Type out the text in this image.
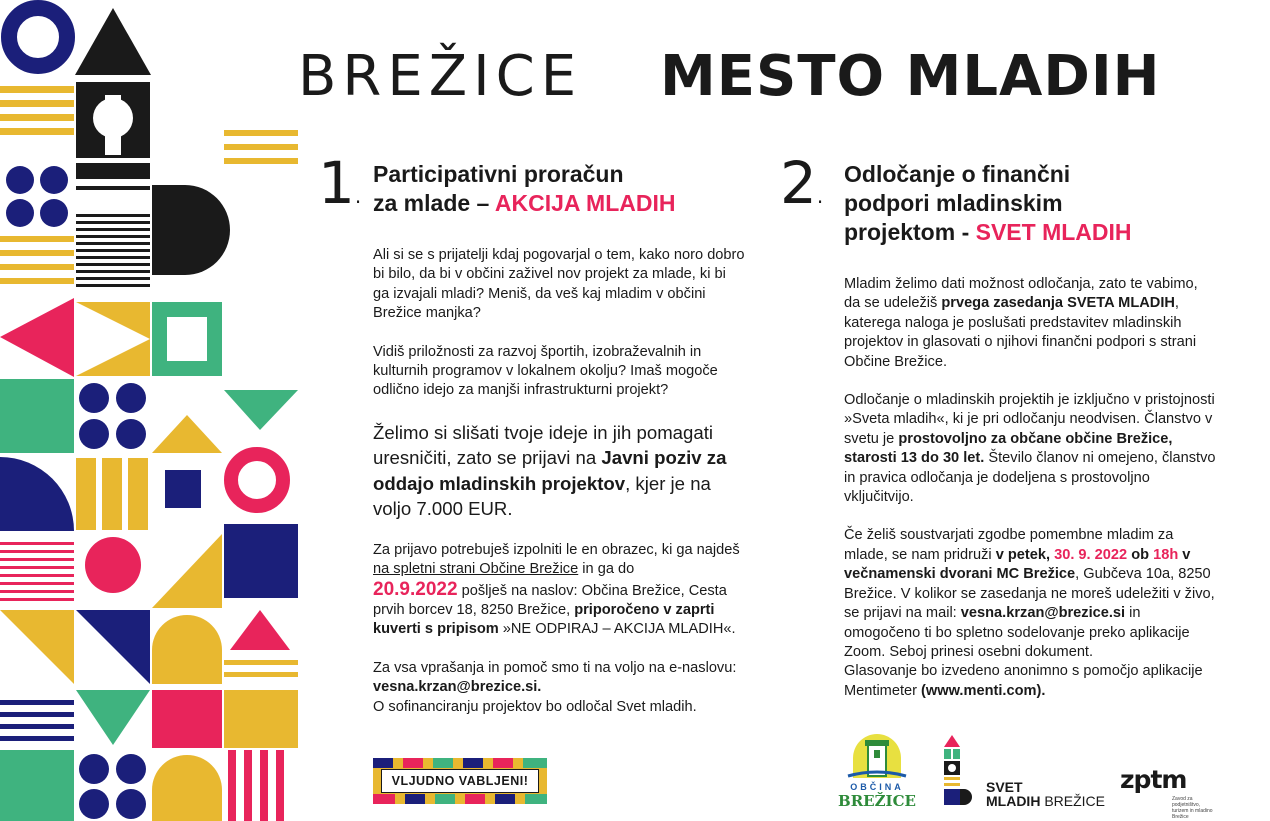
BREŽICE MESTO MLADIH
1.
Participativni proračun
za mlade – AKCIJA MLADIH

Ali si se s prijatelji kdaj pogovarjal o tem, kako noro dobro bi bilo, da bi v občini zaživel nov projekt za mlade, ki bi ga izvajali mladi? Meniš, da veš kaj mladim v občini Brežice manjka?

Vidiš priložnosti za razvoj športih, izobraževalnih in kulturnih programov v lokalnem okolju? Imaš mogoče odlično idejo za manjši infrastrukturni projekt?

Želimo si slišati tvoje ideje in jih pomagati uresničiti, zato se prijavi na Javni poziv za oddajo mladinskih projektov, kjer je na voljo 7.000 EUR.

Za prijavo potrebuješ izpolniti le en obrazec, ki ga najdeš na spletni strani Občine Brežice in ga do
20.9.2022 pošlješ na naslov: Občina Brežice, Cesta prvih borcev 18, 8250 Brežice, priporočeno v zaprti kuverti s pripisom »NE ODPIRAJ – AKCIJA MLADIH«.

Za vsa vprašanja in pomoč smo ti na voljo na e-naslovu: vesna.krzan@brezice.si.
O sofinanciranju projektov bo odločal Svet mladih.

2.
Odločanje o finančni
podpori mladinskim
projektom - SVET MLADIH

Mladim želimo dati možnost odločanja, zato te vabimo, da se udeležiš prvega zasedanja SVETA MLADIH, katerega naloga je poslušati predstavitev mladinskih projektov in glasovati o njihovi finančni podpori s strani Občine Brežice.

Odločanje o mladinskih projektih je izključno v pristojnosti »Sveta mladih«, ki je pri odločanju neodvisen. Članstvo v svetu je prostovoljno za občane občine Brežice, starosti 13 do 30 let. Število članov ni omejeno, članstvo in pravica odločanja je dodeljena s prostovoljno vključitvijo.

Če želiš soustvarjati zgodbe pomembne mladim za mlade, se nam pridruži v petek, 30. 9. 2022 ob 18h v večnamenski dvorani MC Brežice, Gubčeva 10a, 8250 Brežice. V kolikor se zasedanja ne moreš udeležiti v živo, se prijavi na mail: vesna.krzan@brezice.si in omogočeno ti bo spletno sodelovanje preko aplikacije Zoom. Seboj prinesi osebni dokument.
Glasovanje bo izvedeno anonimno s pomočjo aplikacije Mentimeter (www.menti.com).

VLJUDNO VABLJENI!	OBČINA
BREŽICE
SVET
MLADIH BREŽICE
zptm
Zavod za podjetništvo, turizem in mladino Brežice
